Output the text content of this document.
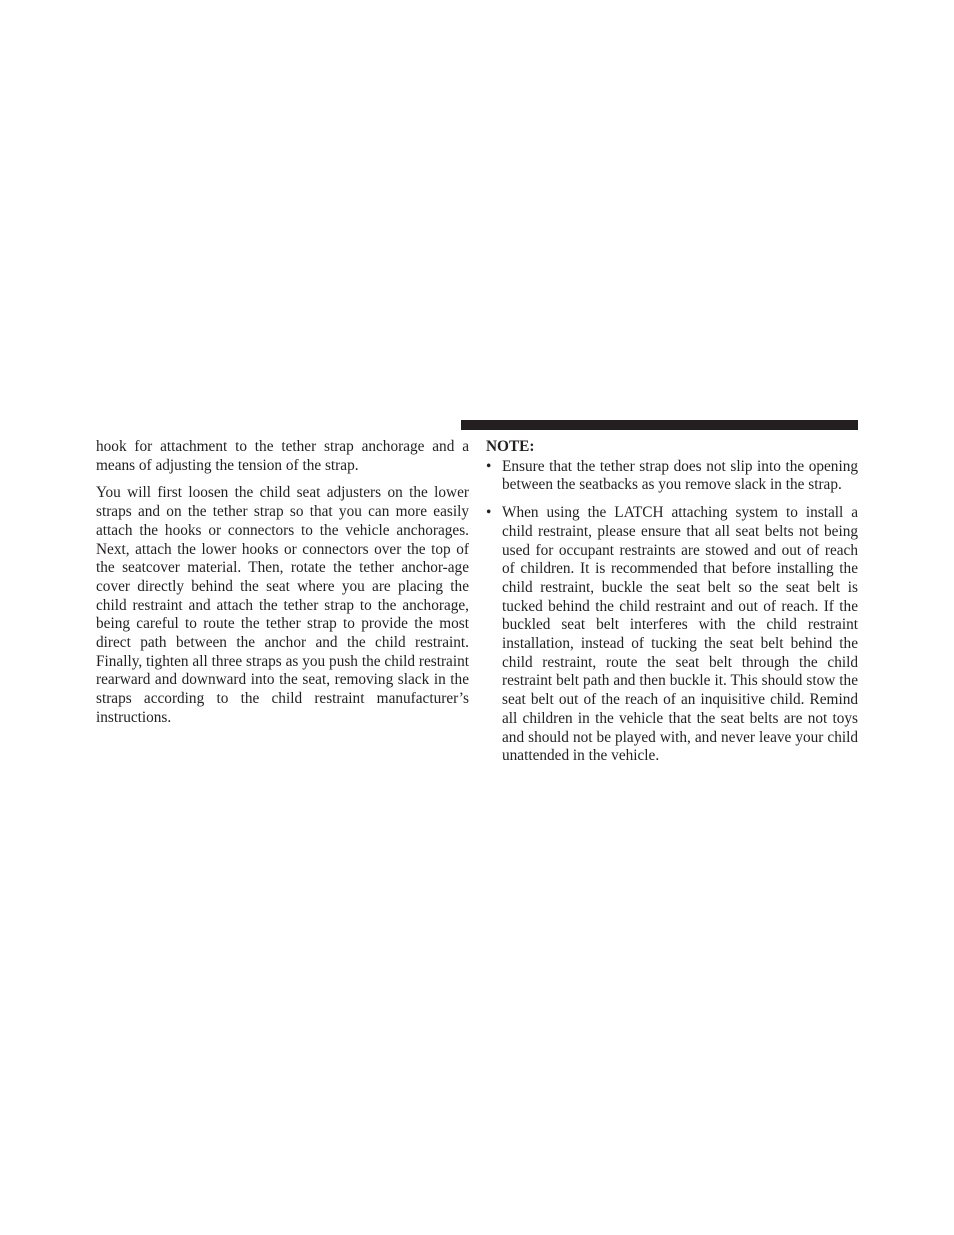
hook for attachment to the tether strap anchorage and a means of adjusting the tension of the strap.

You will first loosen the child seat adjusters on the lower straps and on the tether strap so that you can more easily attach the hooks or connectors to the vehicle anchorages. Next, attach the lower hooks or connectors over the top of the seatcover material. Then, rotate the tether anchor-age cover directly behind the seat where you are placing the child restraint and attach the tether strap to the anchorage, being careful to route the tether strap to provide the most direct path between the anchor and the child restraint. Finally, tighten all three straps as you push the child restraint rearward and downward into the seat, removing slack in the straps according to the child restraint manufacturer’s instructions.

NOTE:
• Ensure that the tether strap does not slip into the opening between the seatbacks as you remove slack in the strap.
• When using the LATCH attaching system to install a child restraint, please ensure that all seat belts not being used for occupant restraints are stowed and out of reach of children. It is recommended that before installing the child restraint, buckle the seat belt so the seat belt is tucked behind the child restraint and out of reach. If the buckled seat belt interferes with the child restraint installation, instead of tucking the seat belt behind the child restraint, route the seat belt through the child restraint belt path and then buckle it. This should stow the seat belt out of the reach of an inquisitive child. Remind all children in the vehicle that the seat belts are not toys and should not be played with, and never leave your child unattended in the vehicle.
